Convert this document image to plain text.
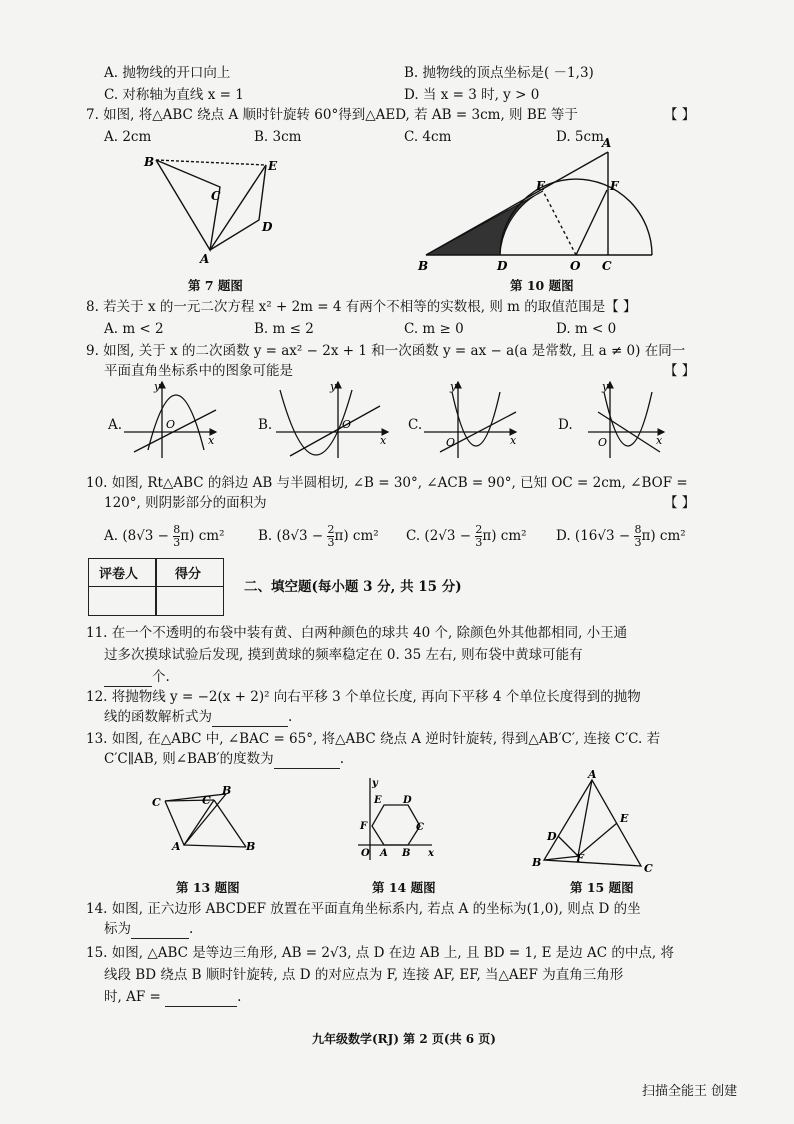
A. 抛物线的开口向上	B. 抛物线的顶点坐标是( －1,3)
C. 对称轴为直线 x = 1	D. 当 x = 3 时, y > 0
7. 如图, 将△ABC 绕点 A 顺时针旋转 60°得到△AED, 若 AB = 3cm, 则 BE 等于	【 】
A. 2cm	B. 3cm	C. 4cm	D. 5cm
B	E
C
A
D
第 7 题图
A
E	F
B	D	O C
第 10 题图
8. 若关于 x 的一元二次方程 x² + 2m = 4 有两个不相等的实数根, 则 m 的取值范围是【 】
A. m < 2	B. m ≤ 2	C. m ≥ 0	D. m < 0
9. 如图, 关于 x 的二次函数 y = ax² − 2x + 1 和一次函数 y = ax − a(a 是常数, 且 a ≠ 0) 在同一
平面直角坐标系中的图象可能是	【 】
A.	B.	C.	D.
y
x
O
y
x
O
y
x
O
y
x
O
10. 如图, Rt△ABC 的斜边 AB 与半圆相切, ∠B = 30°, ∠ACB = 90°, 已知 OC = 2cm, ∠BOF =
120°, 则阴影部分的面积为	【 】
A. $(8√3 - \frac{8}{3} \pi)$ cm² B. $(8√3 - \frac{2}{3} \pi)$ cm² C. $(2√3 - \frac{2}{3} \pi)$ cm² D. $(16√3 - \frac{8}{3} \pi)$ cm²
评卷人	得分
二、填空题(每小题 3 分, 共 15 分)
11. 在一个不透明的布袋中装有黄、白两种颜色的球共 40 个, 除颜色外其他都相同, 小王通
过多次摸球试验后发现, 摸到黄球的频率稳定在 0. 35 左右, 则布袋中黄球可能有
个.
12. 将抛物线 y = −2(x + 2)² 向右平移 3 个单位长度, 再向下平移 4 个单位长度得到的抛物
线的函数解析式为	.
13. 如图, 在△ABC 中, ∠BAC = 65°, 将△ABC 绕点 A 逆时针旋转, 得到△AB′C′, 连接 C′C. 若
C′C∥AB, 则∠BAB′的度数为	.
C	C
B
B
A
E D
F	C
O A B x
y
A
E
D
F
B	C
第 13 题图	第 14 题图	第 15 题图
14. 如图, 正六边形 ABCDEF 放置在平面直角坐标系内, 若点 A 的坐标为(1,0), 则点 D 的坐
标为	.
15. 如图, △ABC 是等边三角形, AB = 2√3, 点 D 在边 AB 上, 且 BD = 1, E 是边 AC 的中点, 将
线段 BD 绕点 B 顺时针旋转, 点 D 的对应点为 F, 连接 AF, EF, 当△AEF 为直角三角形
时, AF =	.
九年级数学(RJ) 第 2 页(共 6 页)
扫描全能王 创建
